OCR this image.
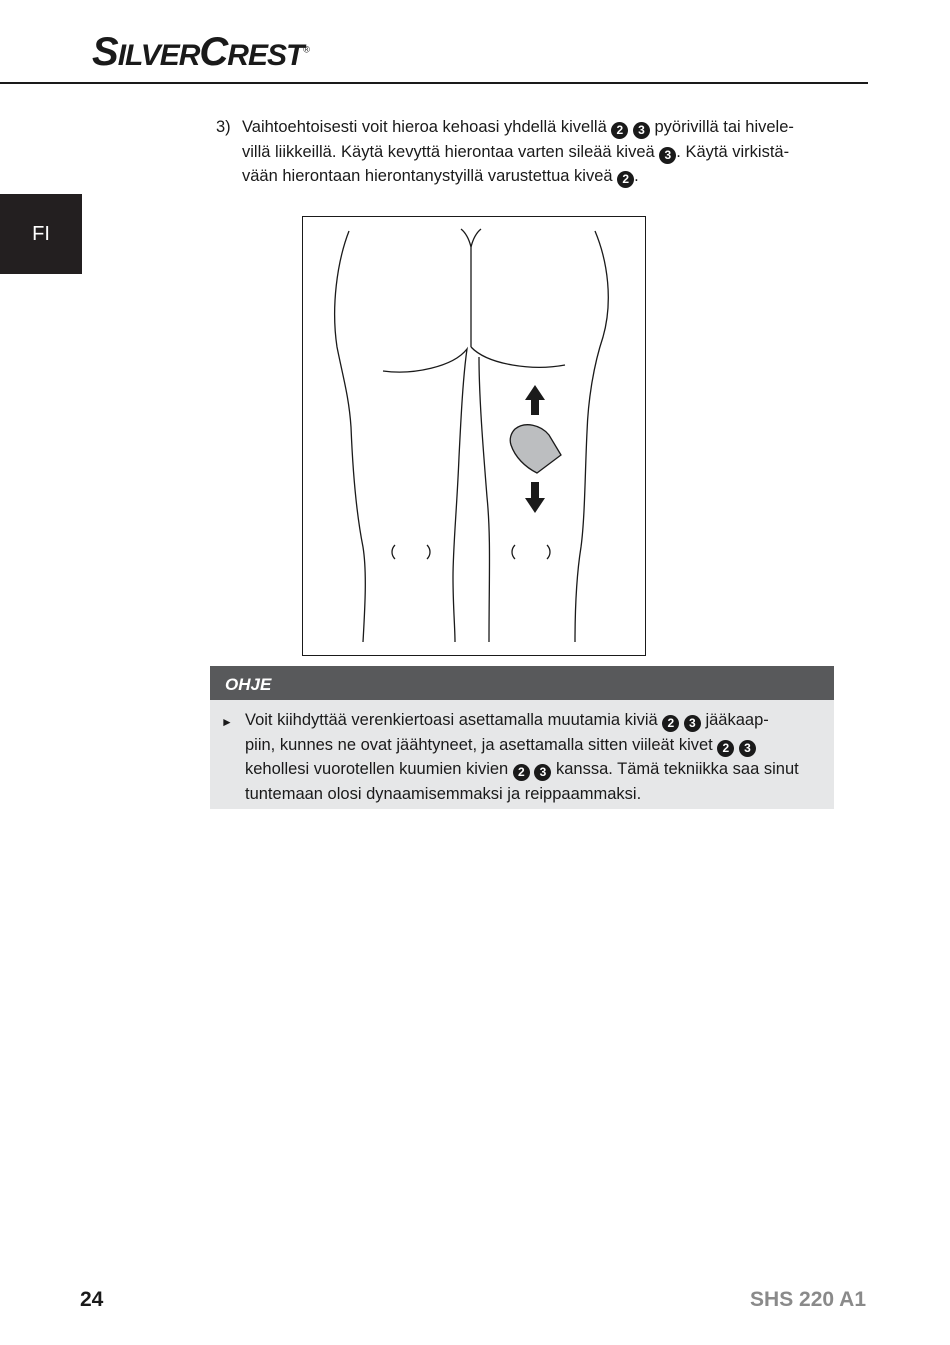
SILVERCREST®
FI
3) Vaihtoehtoisesti voit hieroa kehoasi yhdellä kivellä 2 3 pyörivillä tai hivele-
villä liikkeillä. Käytä kevyttä hierontaa varten sileää kiveä 3 . Käytä virkistä-
vään hierontaan hierontanystyillä varustettua kiveä 2 .
OHJE
► Voit kiihdyttää verenkiertoasi asettamalla muutamia kiviä 2 3 jääkaap-
piin, kunnes ne ovat jäähtyneet, ja asettamalla sitten viileät kivet 2 3
kehollesi vuorotellen kuumien kivien 2 3 kanssa. Tämä tekniikka saa sinut
tuntemaan olosi dynaamisemmaksi ja reippaammaksi.
24	SHS 220 A1
